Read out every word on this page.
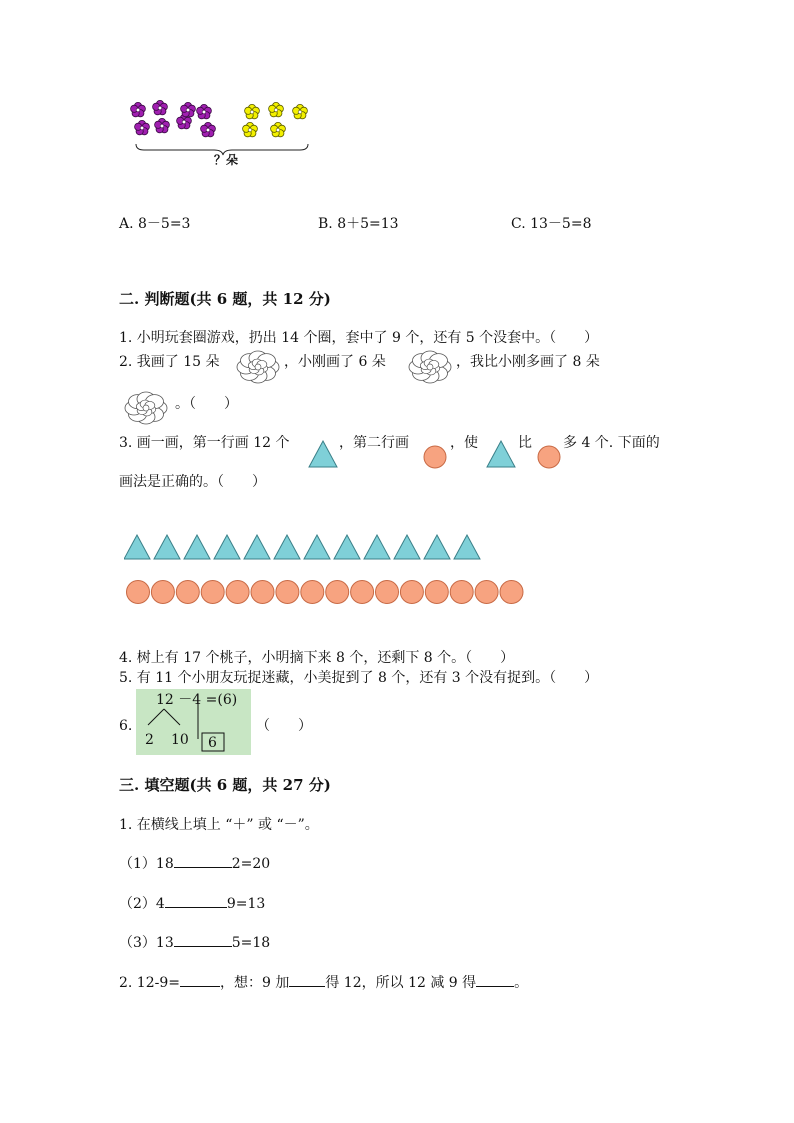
？朵
A. 8－5=3	B. 8＋5=13	C. 13－5=8
二. 判断题(共 6 题，共 12 分)
1. 小明玩套圈游戏，扔出 14 个圈，套中了 9 个，还有 5 个没套中。（　　）
2. 我画了 15 朵	，小刚画了 6 朵	，我比小刚多画了 8 朵
。（　　）
3. 画一画，第一行画 12 个	，第二行画	，使	比 多 4 个. 下面的
画法是正确的。（　　）
4. 树上有 17 个桃子，小明摘下来 8 个，还剩下 8 个。（　　）
5. 有 11 个小朋友玩捉迷藏，小美捉到了 8 个，还有 3 个没有捉到。（　　）
6.
12 －4 =(6)
2 10 6
（　　）
三. 填空题(共 6 题，共 27 分)
1. 在横线上填上 “＋” 或 “－”。
（1）18	2=20
（2）4	9=13
（3）13	5=18
2. 12-9=	，想：9 加	得 12，所以 12 减 9 得	。
